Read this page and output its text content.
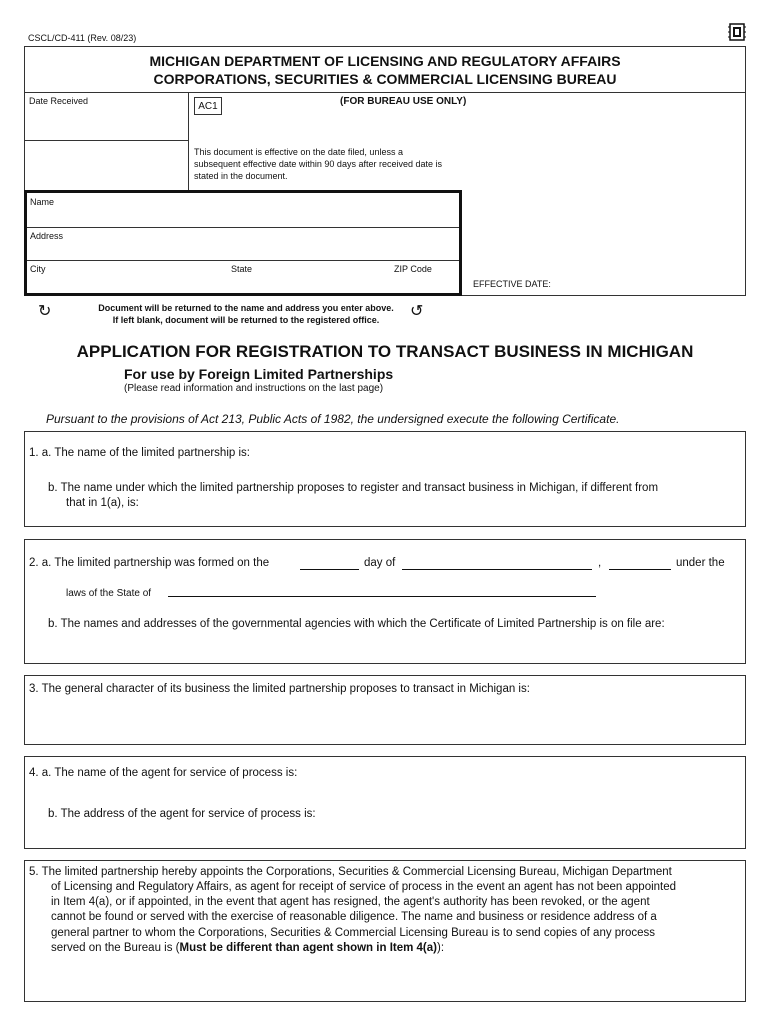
CSCL/CD-411 (Rev. 08/23)
MICHIGAN DEPARTMENT OF LICENSING AND REGULATORY AFFAIRS
CORPORATIONS, SECURITIES & COMMERCIAL LICENSING BUREAU
Date Received	AC1	(FOR BUREAU USE ONLY)
This document is effective on the date filed, unless a subsequent effective date within 90 days after received date is stated in the document.
Name
Address
City	State	ZIP Code
EFFECTIVE DATE:
↻	Document will be returned to the name and address you enter above.
If left blank, document will be returned to the registered office.	↺
APPLICATION FOR REGISTRATION TO TRANSACT BUSINESS IN MICHIGAN
For use by Foreign Limited Partnerships
(Please read information and instructions on the last page)
Pursuant to the provisions of Act 213, Public Acts of 1982, the undersigned execute the following Certificate.
1. a. The name of the limited partnership is:
b. The name under which the limited partnership proposes to register and transact business in Michigan, if different from
that in 1(a), is:
2. a. The limited partnership was formed on the	day of	,	under the
laws of the State of
b. The names and addresses of the governmental agencies with which the Certificate of Limited Partnership is on file are:
3. The general character of its business the limited partnership proposes to transact in Michigan is:
4. a. The name of the agent for service of process is:
b. The address of the agent for service of process is:
5. The limited partnership hereby appoints the Corporations, Securities & Commercial Licensing Bureau, Michigan Department
of Licensing and Regulatory Affairs, as agent for receipt of service of process in the event an agent has not been appointed
in Item 4(a), or if appointed, in the event that agent has resigned, the agent's authority has been revoked, or the agent
cannot be found or served with the exercise of reasonable diligence. The name and business or residence address of a
general partner to whom the Corporations, Securities & Commercial Licensing Bureau is to send copies of any process
served on the Bureau is (Must be different than agent shown in Item 4(a)):
